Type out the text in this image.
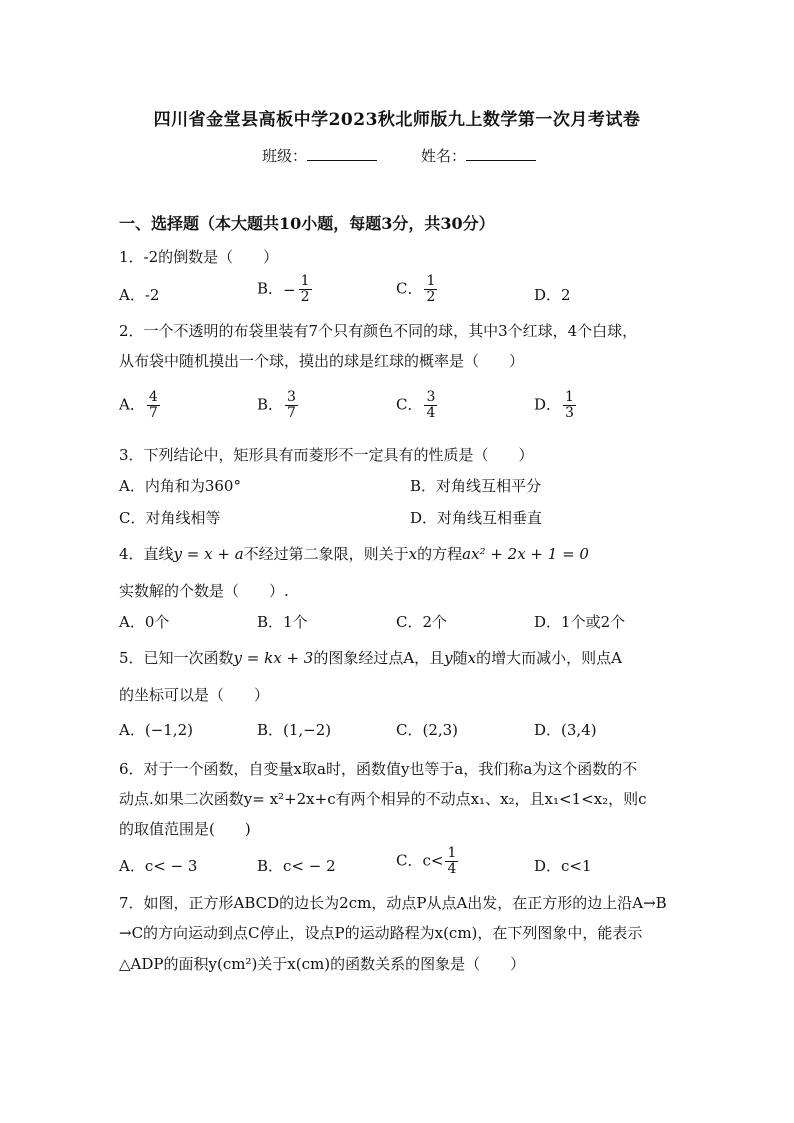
四川省金堂县高板中学2023秋北师版九上数学第一次月考试卷
班级：	姓名：
一、选择题（本大题共10小题，每题3分，共30分）
1．-2的倒数是（　　）
A．-2	B．− $\frac{1}{2}$	C． $\frac{1}{2}$	D．2
2．一个不透明的布袋里装有7个只有颜色不同的球，其中3个红球，4个白球，
从布袋中随机摸出一个球，摸出的球是红球的概率是（　　）
A． $\frac{4}{7}$	B． $\frac{3}{7}$	C． $\frac{3}{4}$	D． $\frac{1}{3}$
3．下列结论中，矩形具有而菱形不一定具有的性质是（　　）
A．内角和为360°	B．对角线互相平分
C．对角线相等	D．对角线互相垂直
4．直线y = x + a不经过第二象限，则关于x的方程ax² + 2x + 1 = 0
实数解的个数是（　　）.
A．0个	B．1个	C．2个	D．1个或2个
5．已知一次函数y = kx + 3的图象经过点A，且y随x的增大而减小，则点A
的坐标可以是（　　）
A．(−1,2)	B．(1,−2)	C．(2,3)	D．(3,4)
6．对于一个函数，自变量x取a时，函数值y也等于a，我们称a为这个函数的不
动点.如果二次函数y= x²+2x+c有两个相异的不动点x₁、x₂，且x₁<1<x₂，则c
的取值范围是(　　)
A．c< − 3	B．c< − 2	C．$c< \frac{1}{4}$	D．c<1
7．如图，正方形ABCD的边长为2cm，动点P从点A出发，在正方形的边上沿A→B
→C的方向运动到点C停止，设点P的运动路程为x(cm)，在下列图象中，能表示
△ADP的面积y(cm²)关于x(cm)的函数关系的图象是（　　）
